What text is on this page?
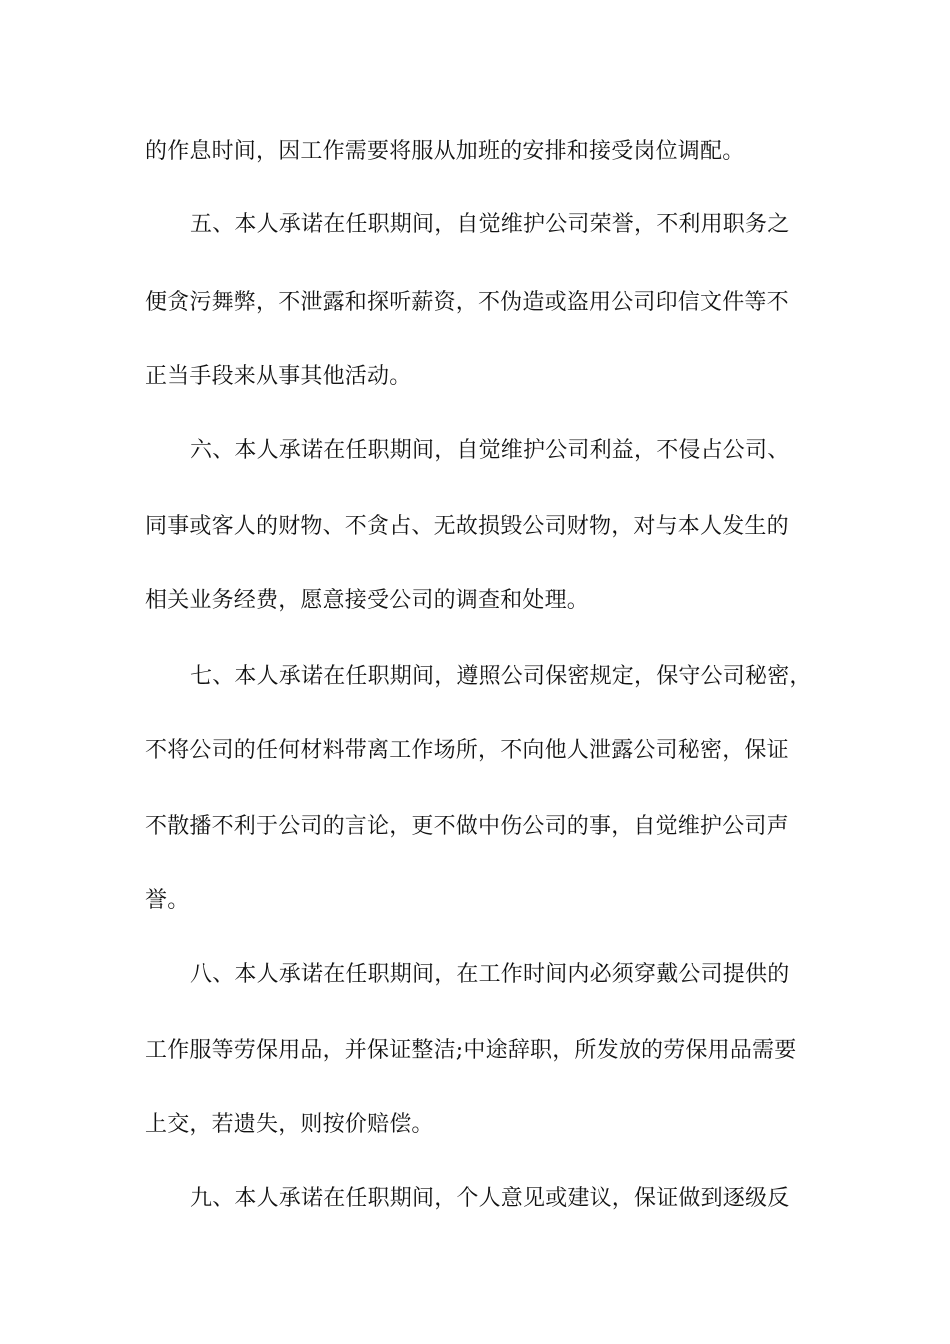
的作息时间，因工作需要将服从加班的安排和接受岗位调配。
五、本人承诺在任职期间，自觉维护公司荣誉，不利用职务之
便贪污舞弊，不泄露和探听薪资，不伪造或盗用公司印信文件等不
正当手段来从事其他活动。
六、本人承诺在任职期间，自觉维护公司利益，不侵占公司、
同事或客人的财物、不贪占、无故损毁公司财物，对与本人发生的
相关业务经费，愿意接受公司的调查和处理。
七、本人承诺在任职期间，遵照公司保密规定，保守公司秘密，
不将公司的任何材料带离工作场所，不向他人泄露公司秘密，保证
不散播不利于公司的言论，更不做中伤公司的事，自觉维护公司声
誉。
八、本人承诺在任职期间，在工作时间内必须穿戴公司提供的
工作服等劳保用品，并保证整洁;中途辞职，所发放的劳保用品需要
上交，若遗失，则按价赔偿。
九、本人承诺在任职期间，个人意见或建议，保证做到逐级反
